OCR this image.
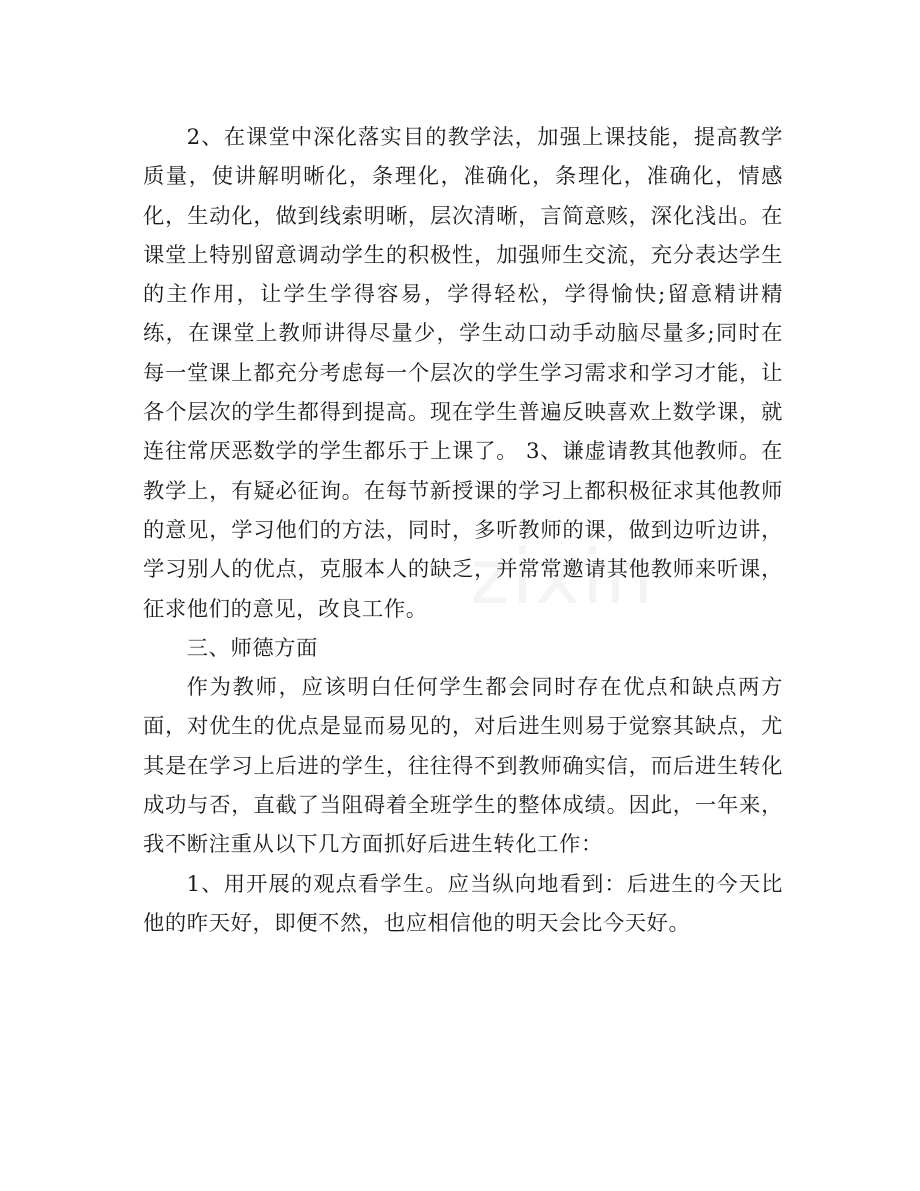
zixin

2、在课堂中深化落实目的教学法，加强上课技能，提高教学质量，使讲解明晰化，条理化，准确化，条理化，准确化，情感化，生动化，做到线索明晰，层次清晰，言简意赅，深化浅出。在课堂上特别留意调动学生的积极性，加强师生交流，充分表达学生的主作用，让学生学得容易，学得轻松，学得愉快;留意精讲精练，在课堂上教师讲得尽量少，学生动口动手动脑尽量多;同时在每一堂课上都充分考虑每一个层次的学生学习需求和学习才能，让各个层次的学生都得到提高。现在学生普遍反映喜欢上数学课，就连往常厌恶数学的学生都乐于上课了。 3、谦虚请教其他教师。在教学上，有疑必征询。在每节新授课的学习上都积极征求其他教师的意见，学习他们的方法，同时，多听教师的课，做到边听边讲，学习别人的优点，克服本人的缺乏，并常常邀请其他教师来听课，征求他们的意见，改良工作。

三、师德方面

作为教师，应该明白任何学生都会同时存在优点和缺点两方面，对优生的优点是显而易见的，对后进生则易于觉察其缺点，尤其是在学习上后进的学生，往往得不到教师确实信，而后进生转化成功与否，直截了当阻碍着全班学生的整体成绩。因此，一年来，我不断注重从以下几方面抓好后进生转化工作：

1、用开展的观点看学生。应当纵向地看到：后进生的今天比他的昨天好，即便不然，也应相信他的明天会比今天好。
